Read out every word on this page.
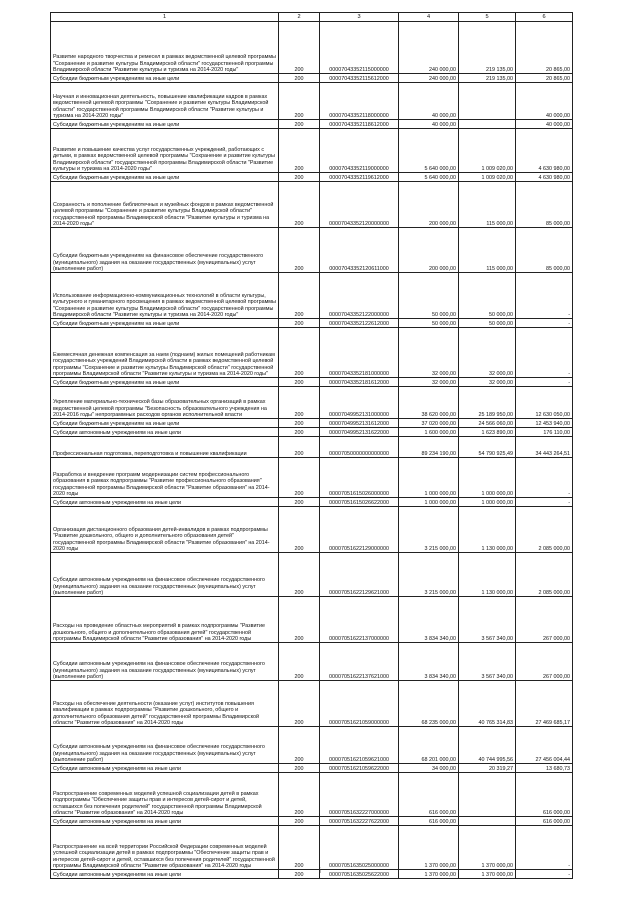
1	2	3	4	5	6
Развитие народного творчества и ремесел в рамках ведомственной целевой программы "Сохранение и развитие культуры Владимирской области" государственной программы Владимирской области "Развитие культуры и туризма на 2014-2020 годы"	200	00007043352115000000	240 000,00	219 135,00	20 865,00
Субсидии бюджетным учреждениям на иные цели	200	00007043352115612000	240 000,00	219 135,00	20 865,00
Научная и инновационная деятельность, повышение квалификации кадров в рамках ведомственной целевой программы "Сохранение и развитие культуры Владимирской области" государственной программы Владимирской области "Развитие культуры и туризма на 2014-2020 годы"	200	00007043352118000000	40 000,00		40 000,00
Субсидии бюджетным учреждениям на иные цели	200	00007043352118612000	40 000,00		40 000,00
Развитие и повышение качества услуг государственных учреждений, работающих с детьми, в рамках ведомственной целевой программы "Сохранение и развитие культуры Владимирской области" государственной программы Владимирской области "Развитие культуры и туризма на 2014-2020 годы"	200	00007043352119000000	5 640 000,00	1 009 020,00	4 630 980,00
Субсидии бюджетным учреждениям на иные цели	200	00007043352119612000	5 640 000,00	1 009 020,00	4 630 980,00
Сохранность и пополнение библиотечных и музейных фондов в рамках ведомственной целевой программы "Сохранение и развитие культуры Владимирской области" государственной программы Владимирской области "Развитие культуры и туризма на 2014-2020 годы"	200	00007043352120000000	200 000,00	115 000,00	85 000,00
Субсидии бюджетным учреждениям на финансовое обеспечение государственного (муниципального) задания на оказание государственных (муниципальных) услуг (выполнение работ)	200	00007043352120611000	200 000,00	115 000,00	85 000,00
Использование информационно-коммуникационных технологий в области культуры, культурного и гуманитарного просвещения в рамках ведомственной целевой программы "Сохранение и развитие культуры Владимирской области" государственной программы Владимирской области "Развитие культуры и туризма на 2014-2020 годы"	200	00007043352122000000	50 000,00	50 000,00	-
Субсидии бюджетным учреждениям на иные цели	200	00007043352122612000	50 000,00	50 000,00	-
Ежемесячная денежная компенсация за наем (поднаем) жилых помещений работникам государственных учреждений Владимирской области в рамках ведомственной целевой программы "Сохранение и развитие культуры Владимирской области" государственной программы Владимирской области "Развитие культуры и туризма на 2014-2020 годы"	200	00007043352181000000	32 000,00	32 000,00	-
Субсидии бюджетным учреждениям на иные цели	200	00007043352181612000	32 000,00	32 000,00	-
Укрепление материально-технической базы образовательных организаций в рамках ведомственной целевой программы "Безопасность образовательного учреждения на 2014-2016 годы" непрограммных расходов органов исполнительной власти	200	00007049952131000000	38 620 000,00	25 189 950,00	12 630 050,00
Субсидии бюджетным учреждениям на иные цели	200	00007049952131612000	37 020 000,00	24 566 060,00	12 453 940,00
Субсидии автономным учреждениям на иные цели	200	00007049952131622000	1 600 000,00	1 623 890,00	176 110,00
Профессиональная подготовка, переподготовка и повышение квалификации	200	00007050000000000000	89 234 190,00	54 790 925,49	34 443 264,51
Разработка и внедрение программ модернизации систем профессионального образования в рамках подпрограммы "Развитие профессионального образования" государственной программы Владимирской области "Развитие образования" на 2014-2020 годы	200	00007051615026000000	1 000 000,00	1 000 000,00	-
Субсидии автономным учреждениям на иные цели	200	00007051615026622000	1 000 000,00	1 000 000,00	-
Организация дистанционного образования детей-инвалидов в рамках подпрограммы "Развитие дошкольного, общего и дополнительного образования детей" государственной программы Владимирской области "Развитие образования" на 2014-2020 годы	200	00007051622129000000	3 215 000,00	1 130 000,00	2 085 000,00
Субсидии автономным учреждениям на финансовое обеспечение государственного (муниципального) задания на оказание государственных (муниципальных) услуг (выполнение работ)	200	00007051622129621000	3 215 000,00	1 130 000,00	2 085 000,00
Расходы на проведение областных мероприятий в рамках подпрограммы "Развитие дошкольного, общего и дополнительного образования детей" государственной программы Владимирской области "Развитие образования" на 2014-2020 годы	200	00007051622137000000	3 834 340,00	3 567 340,00	267 000,00
Субсидии автономным учреждениям на финансовое обеспечение государственного (муниципального) задания на оказание государственных (муниципальных) услуг (выполнение работ)	200	00007051622137621000	3 834 340,00	3 567 340,00	267 000,00
Расходы на обеспечение деятельности (оказание услуг) институтов повышения квалификации в рамках подпрограммы "Развитие дошкольного, общего и дополнительного образования детей" государственной программы Владимирской области "Развитие образования" на 2014-2020 годы	200	00007051621059000000	68 235 000,00	40 765 314,83	27 469 685,17
Субсидии автономным учреждениям на финансовое обеспечение государственного (муниципального) задания на оказание государственных (муниципальных) услуг (выполнение работ)	200	00007051621059621000	68 201 000,00	40 744 995,56	27 456 004,44
Субсидии автономным учреждениям на иные цели	200	00007051621059622000	34 000,00	20 319,27	13 680,73
Распространение современных моделей успешной социализации детей в рамках подпрограммы "Обеспечение защиты прав и интересов детей-сирот и детей, оставшихся без попечения родителей" государственной программы Владимирской области "Развитие образования" на 2014-2020 годы	200	00007051632227000000	616 000,00		616 000,00
Субсидии автономным учреждениям на иные цели	200	00007051632227622000	616 000,00		616 000,00
Распространение на всей территории Российской Федерации современных моделей успешной социализации детей в рамках подпрограммы "Обеспечение защиты прав и интересов детей-сирот и детей, оставшихся без попечения родителей" государственной программы Владимирской области "Развитие образования" на 2014-2020 годы	200	00007051635025000000	1 370 000,00	1 370 000,00	-
Субсидии автономным учреждениям на иные цели	200	00007051635025622000	1 370 000,00	1 370 000,00	-
i
